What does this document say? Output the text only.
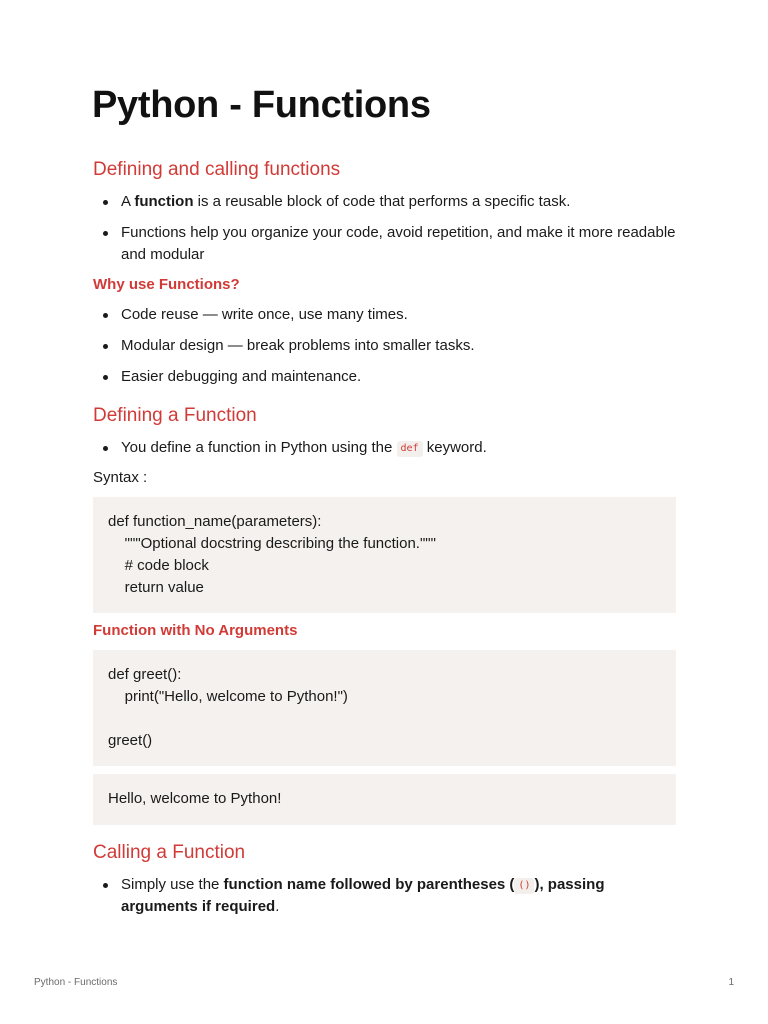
Python - Functions
Defining and calling functions
A function is a reusable block of code that performs a specific task.
Functions help you organize your code, avoid repetition, and make it more readable and modular
Why use Functions?
Code reuse — write once, use many times.
Modular design — break problems into smaller tasks.
Easier debugging and maintenance.
Defining a Function
You define a function in Python using the def keyword.

Syntax :

def function_name(parameters):
"""Optional docstring describing the function."""
# code block
return value
Function with No Arguments
def greet():
print("Hello, welcome to Python!")
greet()
Hello, welcome to Python!
Calling a Function
Simply use the function name followed by parentheses ( () ), passing arguments if required.
Python - Functions	1
